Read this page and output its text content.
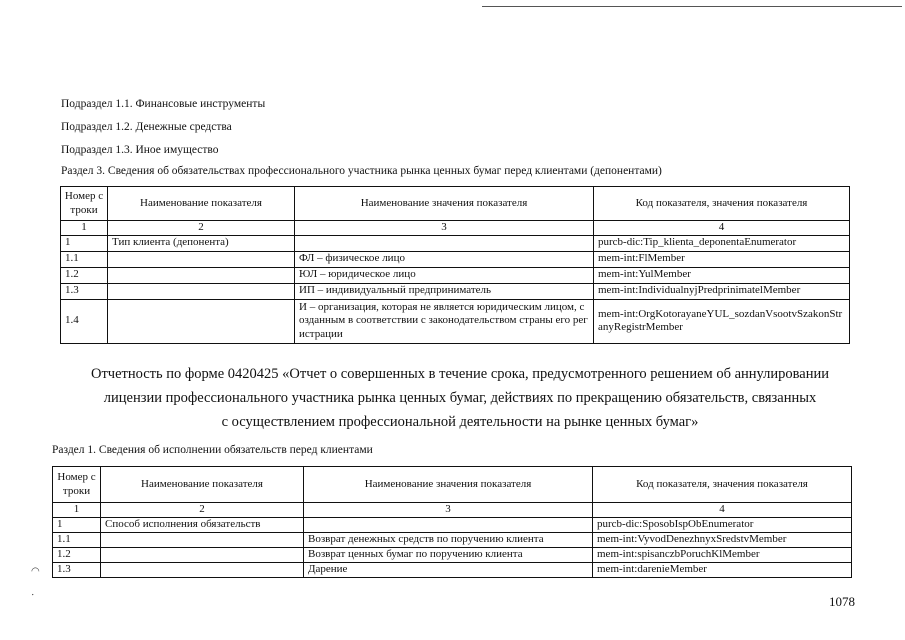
Подраздел 1.1. Финансовые инструменты
Подраздел 1.2. Денежные средства
Подраздел 1.3. Иное имущество
Раздел 3. Сведения об обязательствах профессионального участника рынка ценных бумаг перед клиентами (депонентами)
Номер строки	Наименование показателя	Наименование значения показателя	Код показателя, значения показателя
1	2	3	4
1	Тип клиента (депонента)		purcb-dic:Tip_klienta_deponentaEnumerator
1.1		ФЛ – физическое лицо	mem-int:FlMember
1.2		ЮЛ – юридическое лицо	mem-int:YulMember
1.3		ИП – индивидуальный предприниматель	mem-int:IndividualnyjPredprinimatelMember
1.4		И – организация, которая не является юридическим лицом, созданным в соответствии с законодательством страны его регистрации	mem-int:OrgKotorayaneYUL_sozdanVsootvSzakonStranyRegistrMember
Отчетность по форме 0420425 «Отчет о совершенных в течение срока, предусмотренного решением об аннулировании
лицензии профессионального участника рынка ценных бумаг, действиях по прекращению обязательств, связанных
с осуществлением профессиональной деятельности на рынке ценных бумаг»
Раздел 1. Сведения об исполнении обязательств перед клиентами
Номер строки	Наименование показателя	Наименование значения показателя	Код показателя, значения показателя
1	2	3	4
1	Способ исполнения обязательств		purcb-dic:SposobIspObEnumerator
1.1		Возврат денежных средств по поручению клиента	mem-int:VyvodDenezhnyxSredstvMember
1.2		Возврат ценных бумаг по поручению клиента	mem-int:spisanczbPoruchKlMember
1.3		Дарение	mem-int:darenieMember
◠
⋅	1078
